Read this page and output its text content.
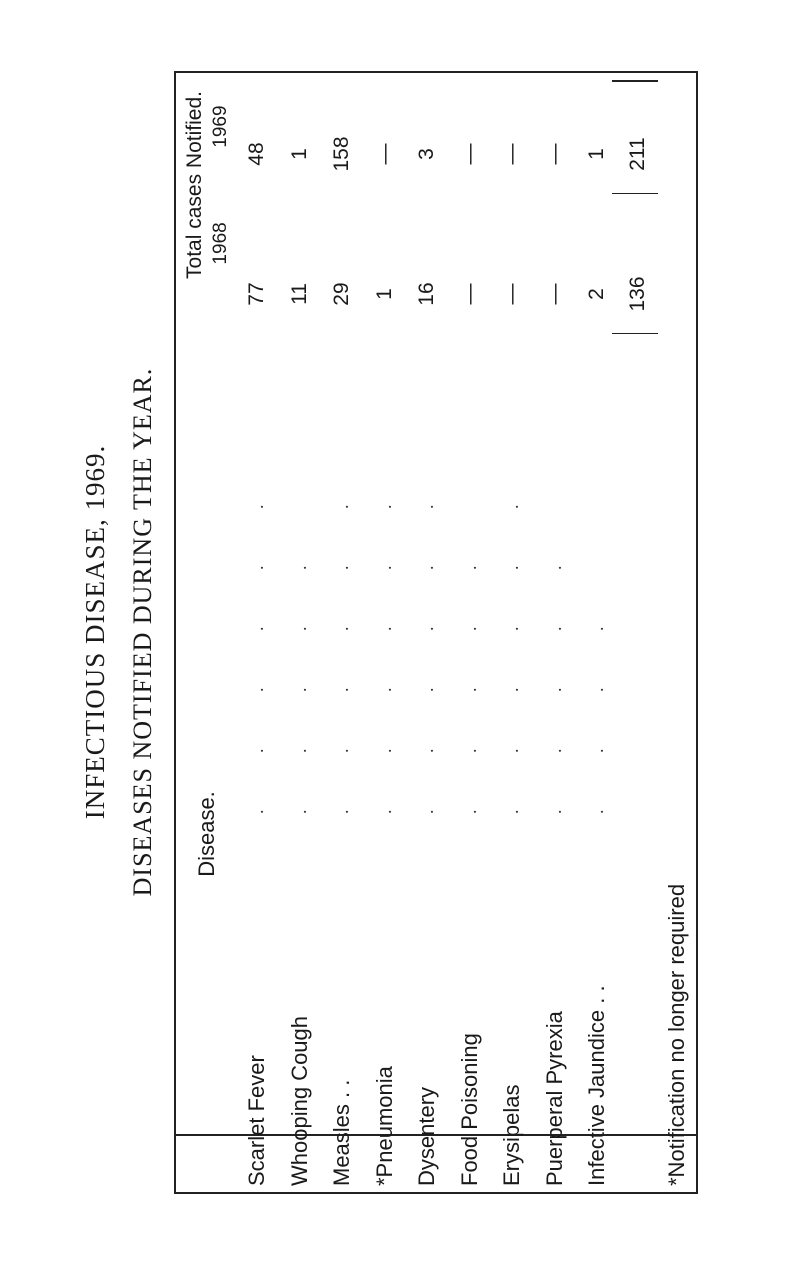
INFECTIOUS DISEASE, 1969. DISEASES NOTIFIED DURING THE YEAR.	Disease.
Total cases Notified. 1968  1969
Scarlet Fever
. . . . . .
77
48
Whooping Cough
. . . . .
11
1
Measles . .
. . . . . .
29
158
*Pneumonia
. . . . . .
1
—
Dysentery
. . . . . .
16
3
Food Poisoning
. . . . .
—
—
Erysipelas
. . . . . .
—
—
Puerperal Pyrexia
. . . . .
—
—
Infective Jaundice . .
. . . .
2
1
136
211
*Notification no longer required
